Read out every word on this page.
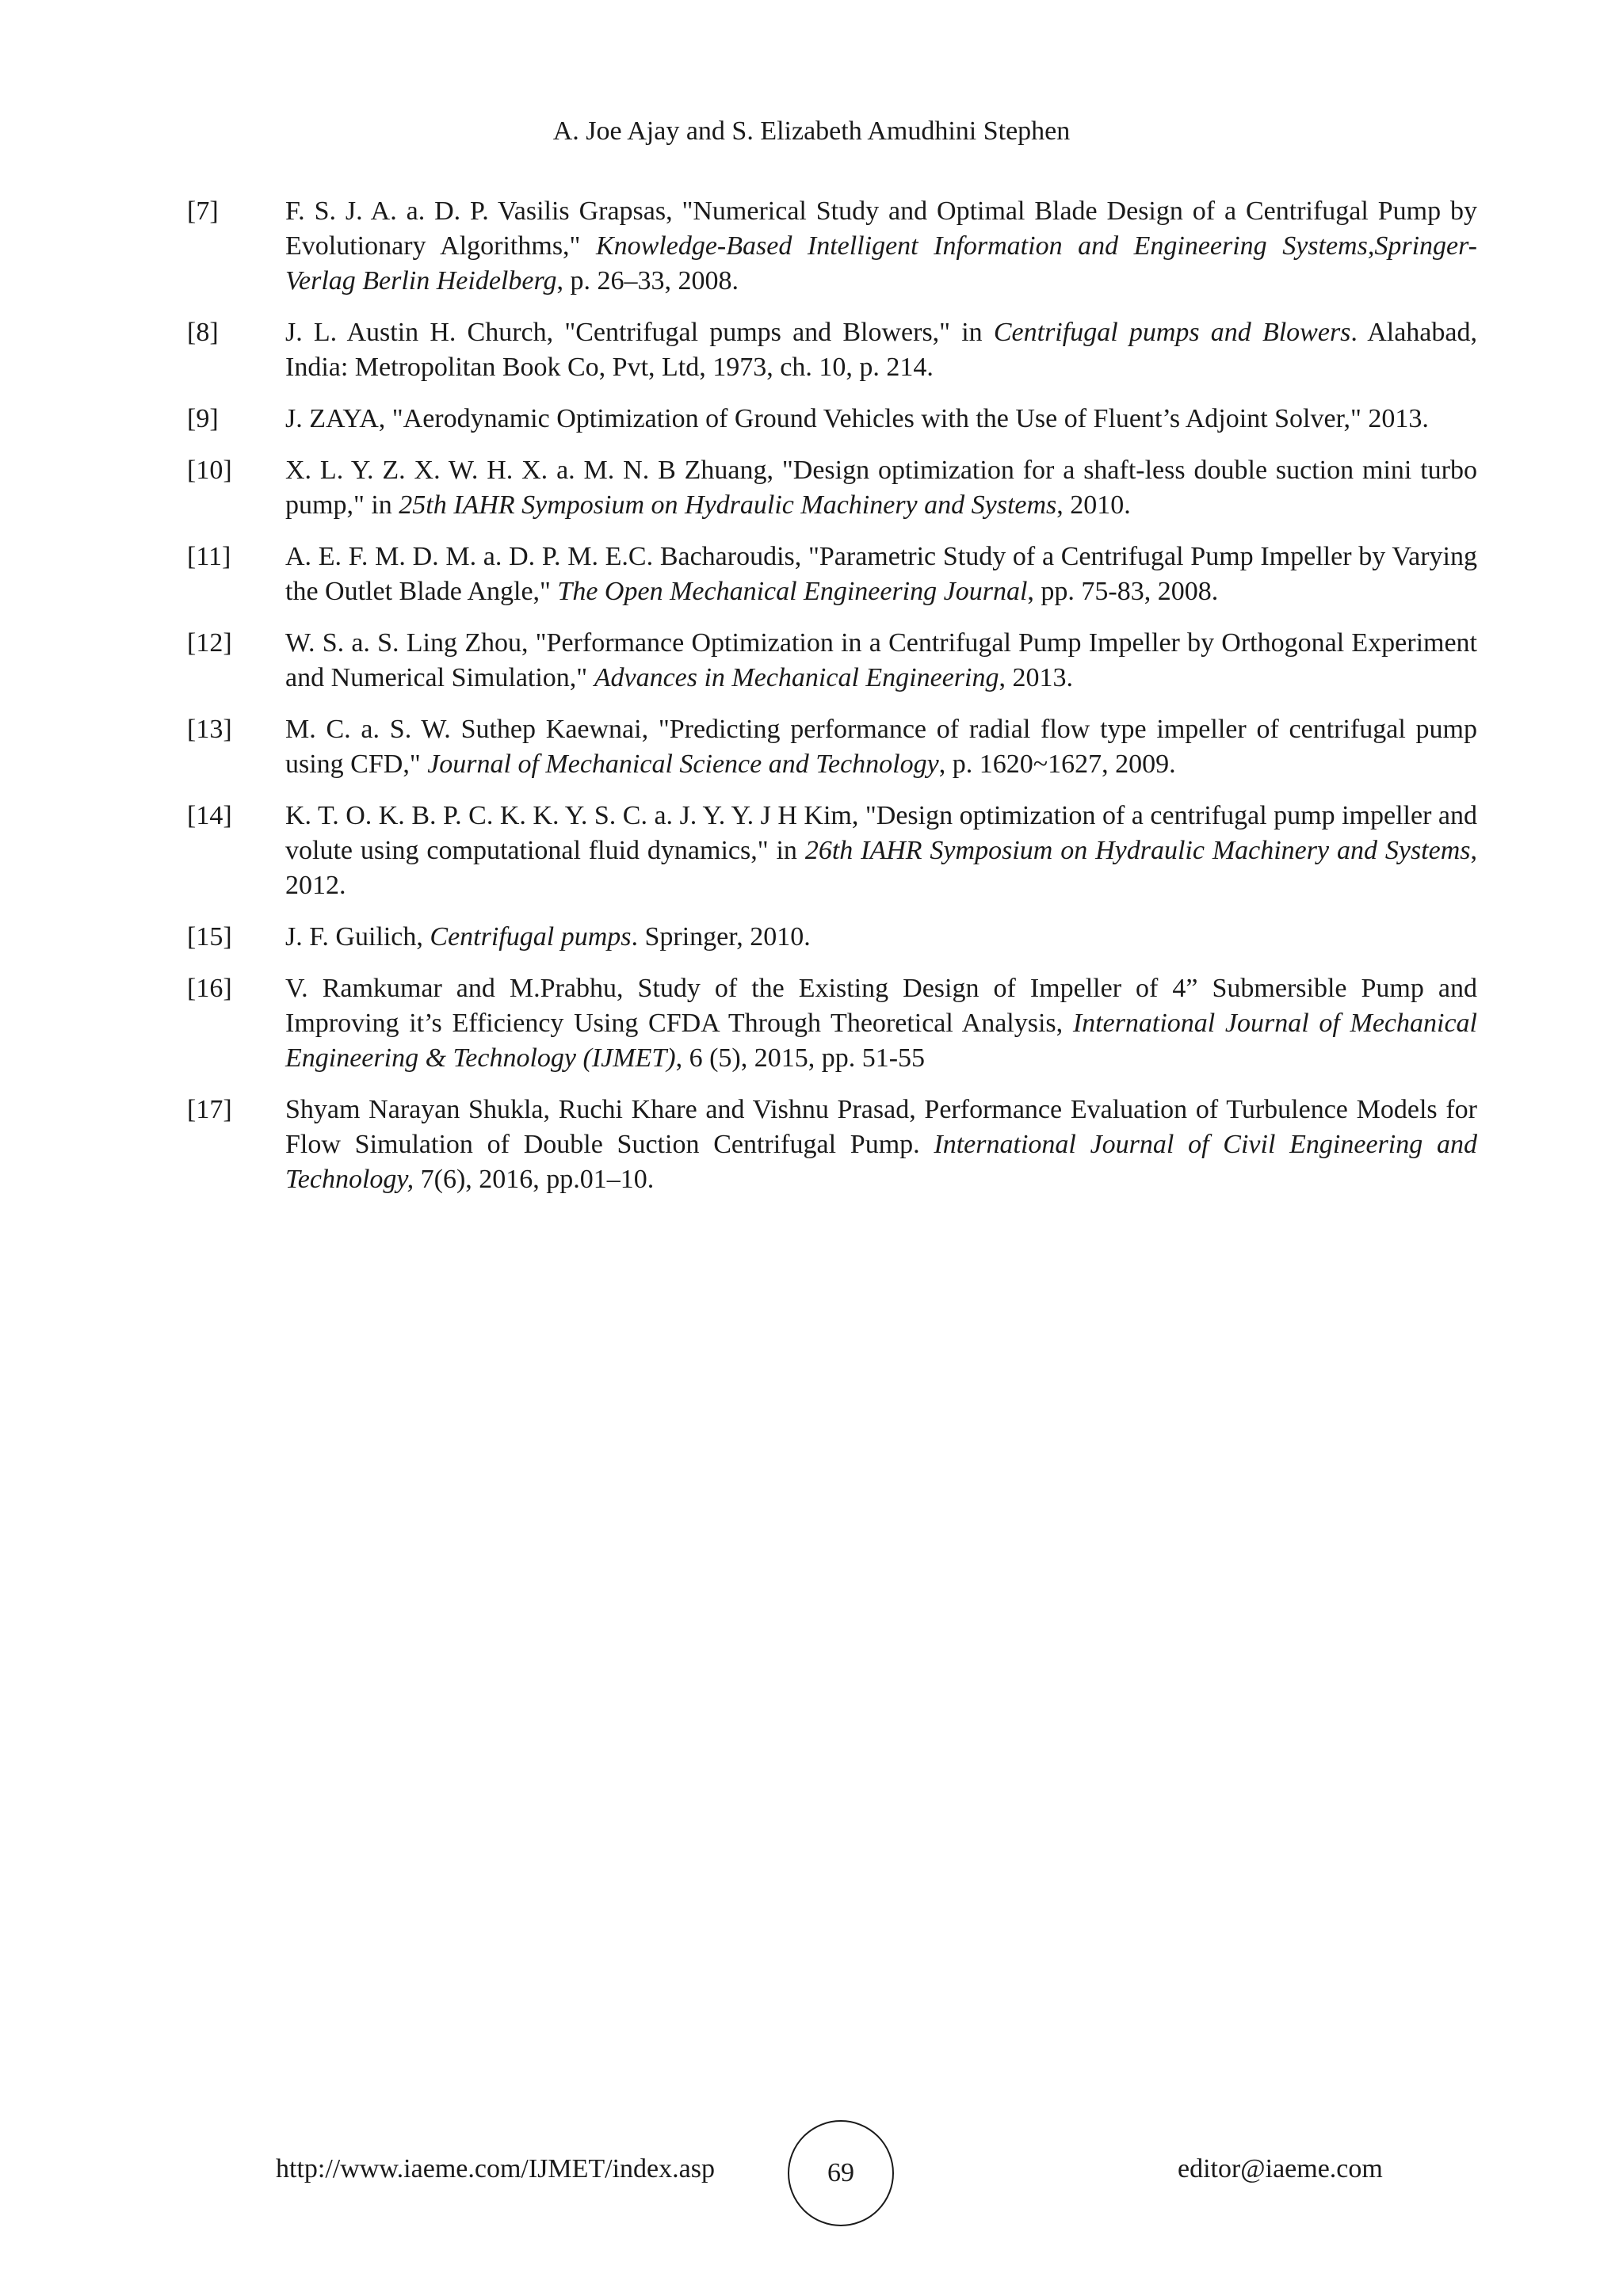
A. Joe Ajay and S. Elizabeth Amudhini Stephen
[7]	F. S. J. A. a. D. P. Vasilis Grapsas, "Numerical Study and Optimal Blade Design of a Centrifugal Pump by Evolutionary Algorithms," Knowledge-Based Intelligent Information and Engineering Systems,Springer-Verlag Berlin Heidelberg, p. 26–33, 2008.
[8]	J. L. Austin H. Church, "Centrifugal pumps and Blowers," in Centrifugal pumps and Blowers. Alahabad, India: Metropolitan Book Co, Pvt, Ltd, 1973, ch. 10, p. 214.
[9]	J. ZAYA, "Aerodynamic Optimization of Ground Vehicles with the Use of Fluent’s Adjoint Solver," 2013.
[10]	X. L. Y. Z. X. W. H. X. a. M. N. B Zhuang, "Design optimization for a shaft-less double suction mini turbo pump," in 25th IAHR Symposium on Hydraulic Machinery and Systems, 2010.
[11]	A. E. F. M. D. M. a. D. P. M. E.C. Bacharoudis, "Parametric Study of a Centrifugal Pump Impeller by Varying the Outlet Blade Angle," The Open Mechanical Engineering Journal, pp. 75-83, 2008.
[12]	W. S. a. S. Ling Zhou, "Performance Optimization in a Centrifugal Pump Impeller by Orthogonal Experiment and Numerical Simulation," Advances in Mechanical Engineering, 2013.
[13]	M. C. a. S. W. Suthep Kaewnai, "Predicting performance of radial flow type impeller of centrifugal pump using CFD," Journal of Mechanical Science and Technology, p. 1620~1627, 2009.
[14]	K. T. O. K. B. P. C. K. K. Y. S. C. a. J. Y. Y. J H Kim, "Design optimization of a centrifugal pump impeller and volute using computational fluid dynamics," in 26th IAHR Symposium on Hydraulic Machinery and Systems, 2012.
[15]	J. F. Guilich, Centrifugal pumps. Springer, 2010.
[16]	V. Ramkumar and M.Prabhu, Study of the Existing Design of Impeller of 4” Submersible Pump and Improving it’s Efficiency Using CFDA Through Theoretical Analysis, International Journal of Mechanical Engineering & Technology (IJMET), 6 (5), 2015, pp. 51-55
[17]	Shyam Narayan Shukla, Ruchi Khare and Vishnu Prasad, Performance Evaluation of Turbulence Models for Flow Simulation of Double Suction Centrifugal Pump. International Journal of Civil Engineering and Technology, 7(6), 2016, pp.01–10.
http://www.iaeme.com/IJMET/index.asp	69	editor@iaeme.com
